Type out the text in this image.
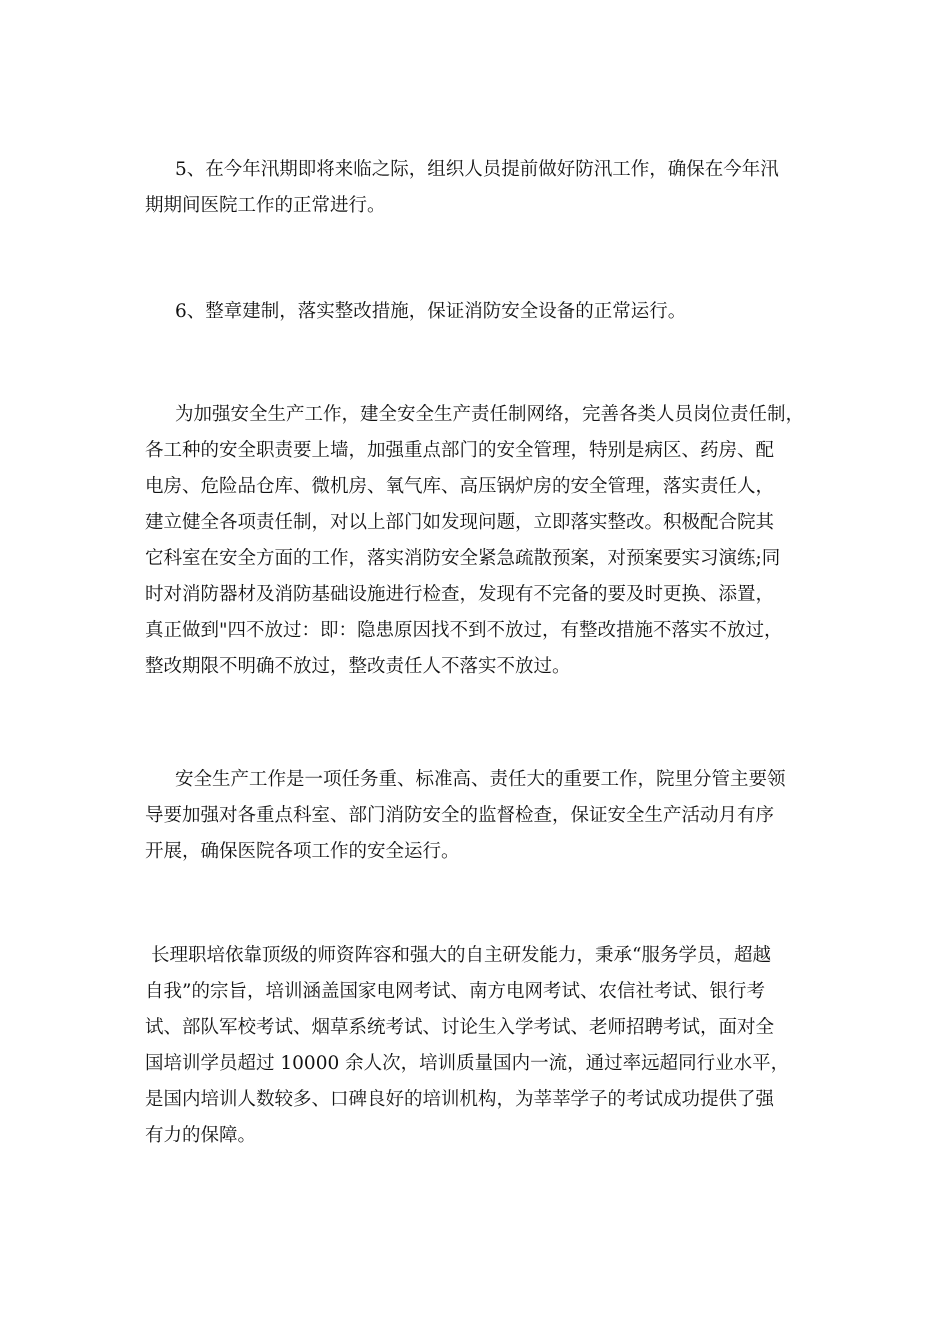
5、在今年汛期即将来临之际，组织人员提前做好防汛工作，确保在今年汛
期期间医院工作的正常进行。
6、整章建制，落实整改措施，保证消防安全设备的正常运行。
为加强安全生产工作，建全安全生产责任制网络，完善各类人员岗位责任制，
各工种的安全职责要上墙，加强重点部门的安全管理，特别是病区、药房、配
电房、危险品仓库、微机房、氧气库、高压锅炉房的安全管理，落实责任人，
建立健全各项责任制，对以上部门如发现问题，立即落实整改。积极配合院其
它科室在安全方面的工作，落实消防安全紧急疏散预案，对预案要实习演练;同
时对消防器材及消防基础设施进行检查，发现有不完备的要及时更换、添置，
真正做到"四不放过：即：隐患原因找不到不放过，有整改措施不落实不放过，
整改期限不明确不放过，整改责任人不落实不放过。
安全生产工作是一项任务重、标准高、责任大的重要工作，院里分管主要领
导要加强对各重点科室、部门消防安全的监督检查，保证安全生产活动月有序
开展，确保医院各项工作的安全运行。
长理职培依靠顶级的师资阵容和强大的自主研发能力，秉承“服务学员，超越
自我”的宗旨，培训涵盖国家电网考试、南方电网考试、农信社考试、银行考
试、部队军校考试、烟草系统考试、讨论生入学考试、老师招聘考试，面对全
国培训学员超过 10000 余人次，培训质量国内一流，通过率远超同行业水平，
是国内培训人数较多、口碑良好的培训机构，为莘莘学子的考试成功提供了强
有力的保障。
